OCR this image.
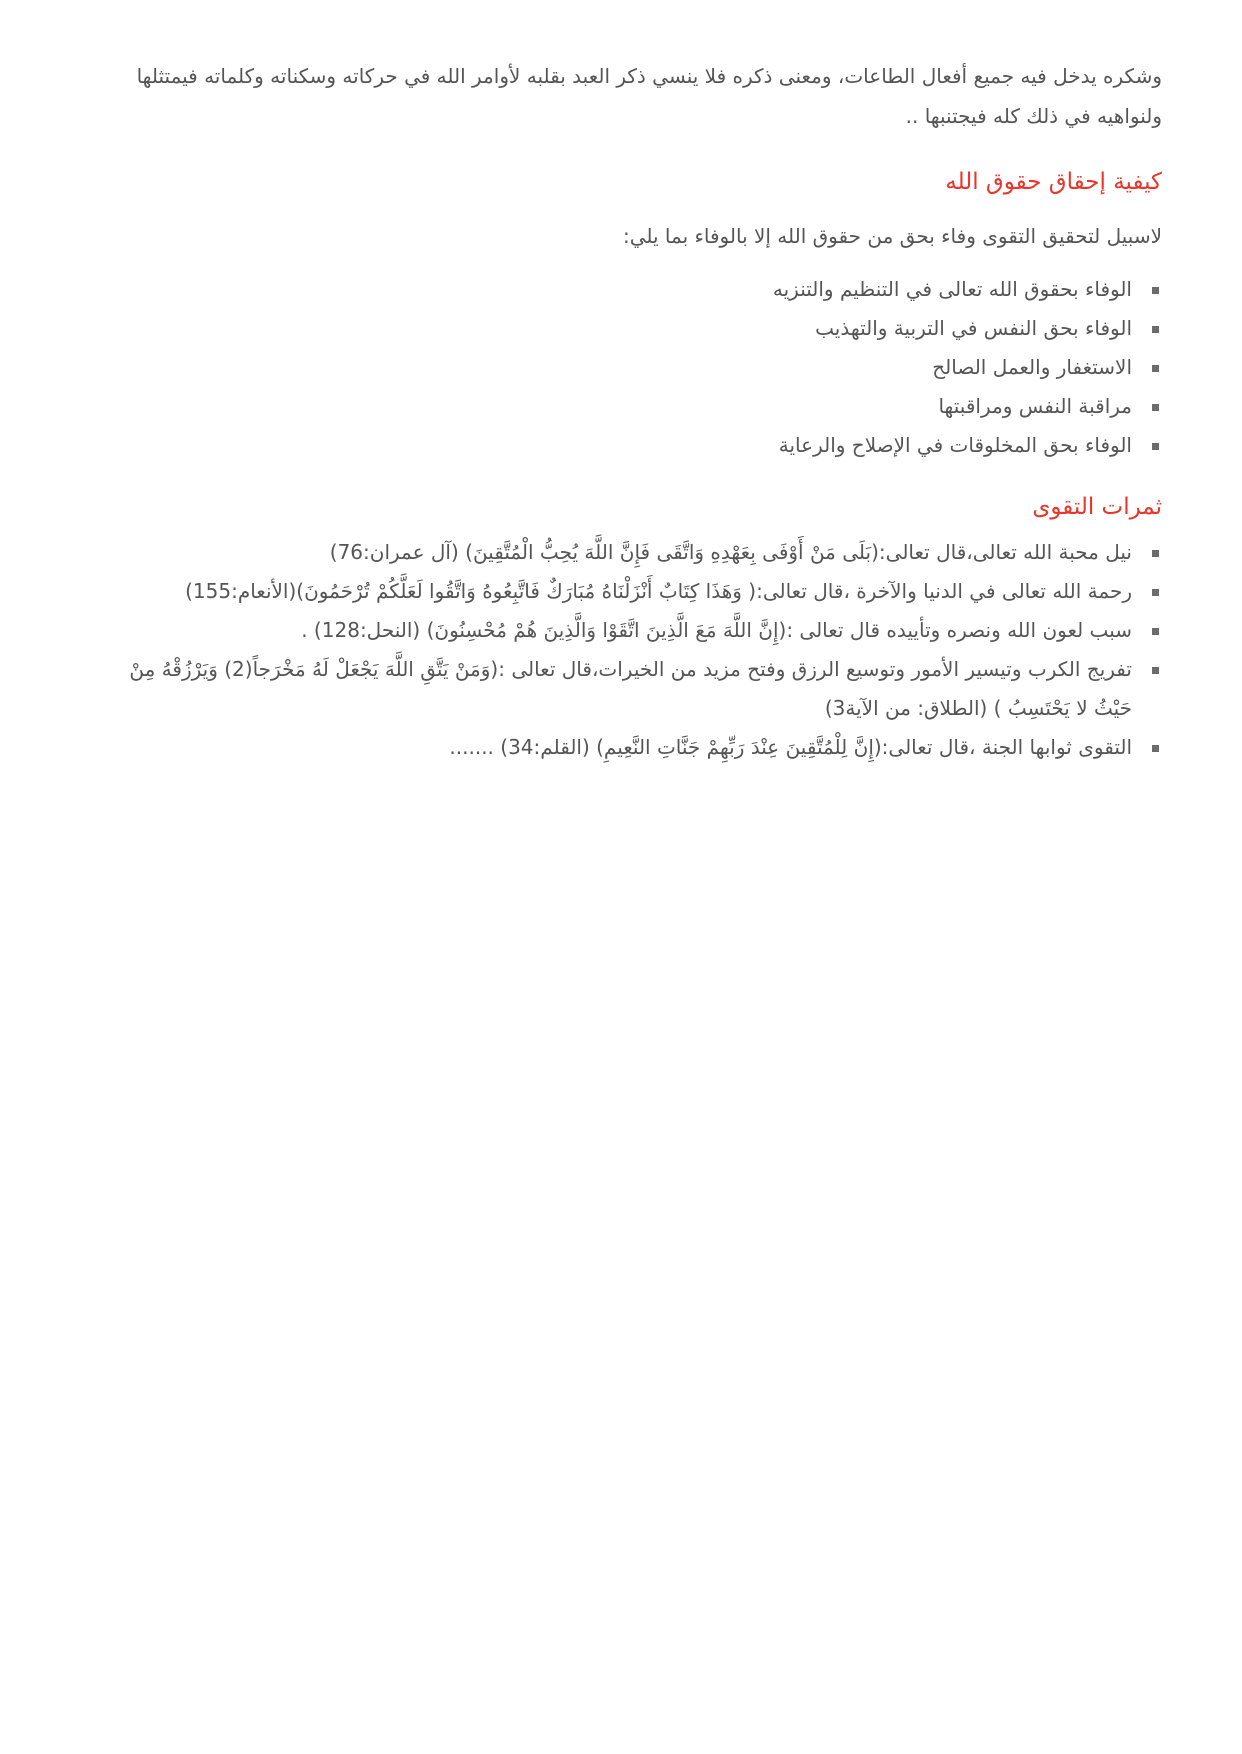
وشكره يدخل فيه جميع أفعال الطاعات، ومعنى ذكره فلا ينسي ذكر العبد بقلبه لأوامر الله في حركاته وسكناته وكلماته فيمتثلها ولنواهيه في ذلك كله فيجتنبها ..

كيفية إحقاق حقوق الله

لاسبيل لتحقيق التقوى وفاء بحق من حقوق الله إلا بالوفاء بما يلي:

الوفاء بحقوق الله تعالى في التنظيم والتنزيه
الوفاء بحق النفس في التربية والتهذيب
الاستغفار والعمل الصالح
مراقبة النفس ومراقبتها
الوفاء بحق المخلوقات في الإصلاح والرعاية
ثمرات التقوى
نيل محبة الله تعالى،قال تعالى:(بَلَى مَنْ أَوْفَى بِعَهْدِهِ وَاتَّقَى فَإِنَّ اللَّهَ يُحِبُّ الْمُتَّقِينَ) (آل عمران:76)
رحمة الله تعالى في الدنيا والآخرة ،قال تعالى:( وَهَذَا كِتَابٌ أَنْزَلْنَاهُ مُبَارَكٌ فَاتَّبِعُوهُ وَاتَّقُوا لَعَلَّكُمْ تُرْحَمُونَ)(الأنعام:155)
سبب لعون الله ونصره وتأييده قال تعالى :(إِنَّ اللَّهَ مَعَ الَّذِينَ اتَّقَوْا وَالَّذِينَ هُمْ مُحْسِنُونَ) (النحل:128) .
تفريج الكرب وتيسير الأمور وتوسيع الرزق وفتح مزيد من الخيرات،قال تعالى :(وَمَنْ يَتَّقِ اللَّهَ يَجْعَلْ لَهُ مَخْرَجاً(2) وَيَرْزُقْهُ مِنْ حَيْثُ لا يَحْتَسِبُ ) (الطلاق: من الآية3)
التقوى ثوابها الجنة ،قال تعالى:(إِنَّ لِلْمُتَّقِينَ عِنْدَ رَبِّهِمْ جَنَّاتِ النَّعِيمِ) (القلم:34) .......
